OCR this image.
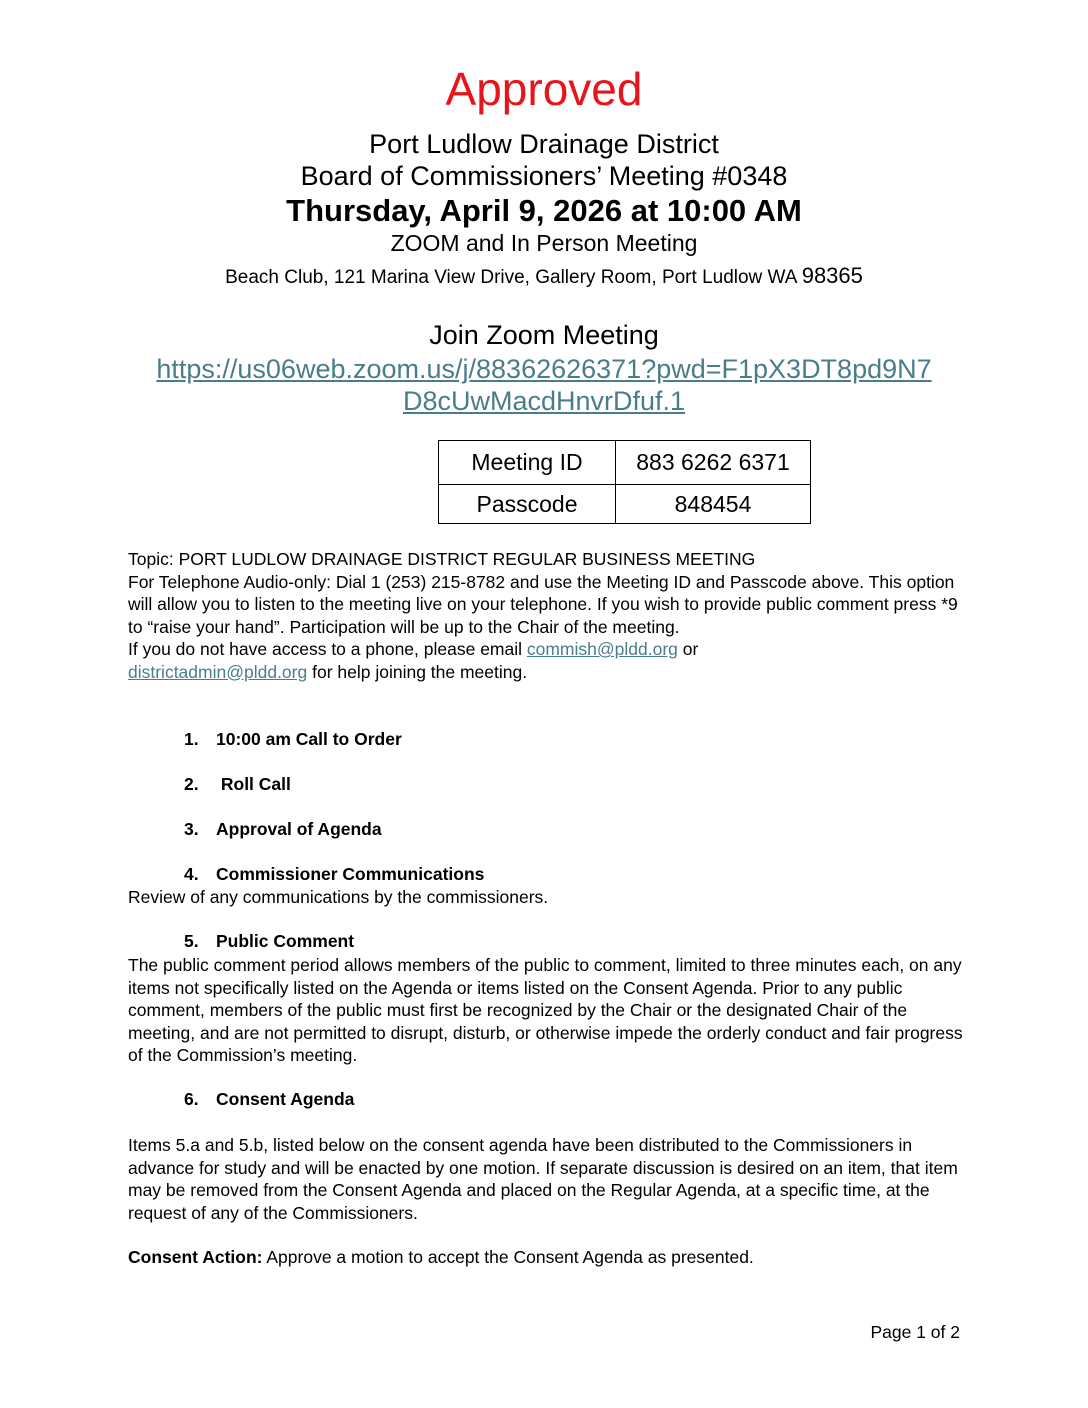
Approved
Port Ludlow Drainage District
Board of Commissioners’ Meeting #0348
Thursday, April 9, 2026 at 10:00 AM
ZOOM and In Person Meeting
Beach Club, 121 Marina View Drive, Gallery Room, Port Ludlow WA 98365
Join Zoom Meeting
https://us06web.zoom.us/j/88362626371?pwd=F1pX3DT8pd9N7
D8cUwMacdHnvrDfuf.1
Meeting ID	883 6262 6371
Passcode	848454
Topic: PORT LUDLOW DRAINAGE DISTRICT REGULAR BUSINESS MEETING
For Telephone Audio-only: Dial 1 (253) 215-8782 and use the Meeting ID and Passcode above. This option will allow you to listen to the meeting live on your telephone. If you wish to provide public comment press *9 to “raise your hand”. Participation will be up to the Chair of the meeting.
If you do not have access to a phone, please email commish@pldd.org or
districtadmin@pldd.org for help joining the meeting.
1. 10:00 am Call to Order
2. Roll Call
3. Approval of Agenda
4. Commissioner Communications
Review of any communications by the commissioners.
5. Public Comment
The public comment period allows members of the public to comment, limited to three minutes each, on any items not specifically listed on the Agenda or items listed on the Consent Agenda. Prior to any public comment, members of the public must first be recognized by the Chair or the designated Chair of the meeting, and are not permitted to disrupt, disturb, or otherwise impede the orderly conduct and fair progress of the Commission’s meeting.
6. Consent Agenda
Items 5.a and 5.b, listed below on the consent agenda have been distributed to the Commissioners in advance for study and will be enacted by one motion. If separate discussion is desired on an item, that item may be removed from the Consent Agenda and placed on the Regular Agenda, at a specific time, at the request of any of the Commissioners.
Consent Action: Approve a motion to accept the Consent Agenda as presented.
Page 1 of 2
